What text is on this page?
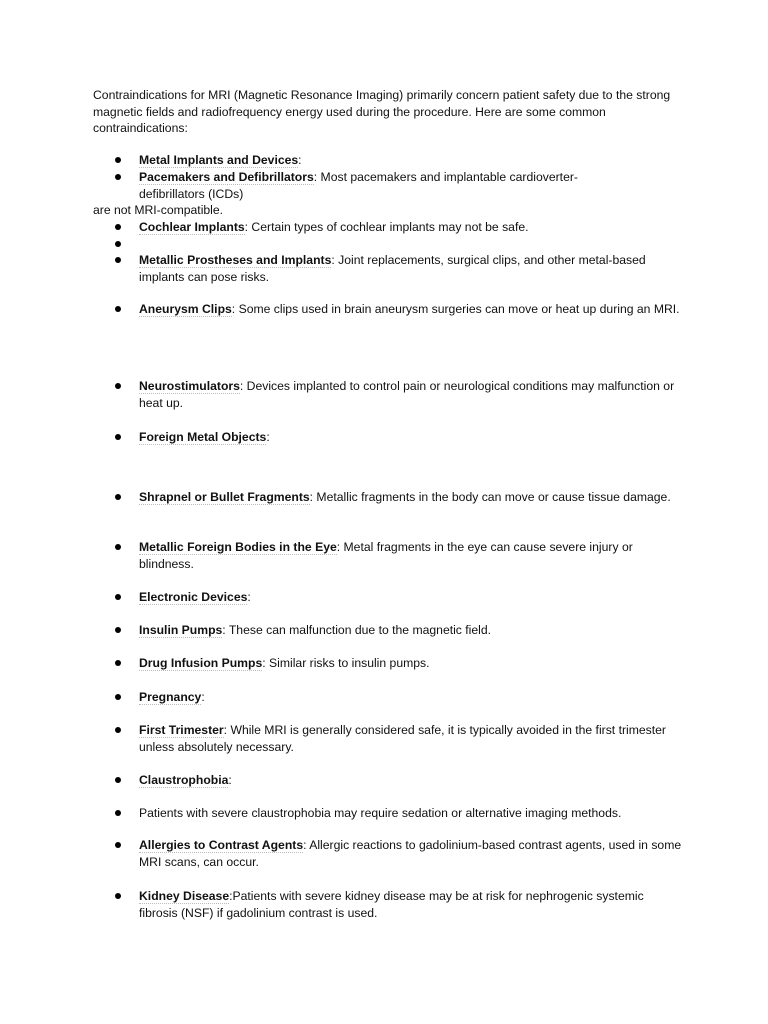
Contraindications for MRI (Magnetic Resonance Imaging) primarily concern patient safety due to the strong magnetic fields and radiofrequency energy used during the procedure. Here are some common contraindications:

Metal Implants and Devices:

Pacemakers and Defibrillators: Most pacemakers and implantable cardioverter-defibrillators (ICDs)

are not MRI-compatible.

Cochlear Implants: Certain types of cochlear implants may not be safe.

Metallic Prostheses and Implants: Joint replacements, surgical clips, and other metal-based implants can pose risks.

Aneurysm Clips: Some clips used in brain aneurysm surgeries can move or heat up during an MRI.

Neurostimulators: Devices implanted to control pain or neurological conditions may malfunction or heat up.

Foreign Metal Objects:

Shrapnel or Bullet Fragments: Metallic fragments in the body can move or cause tissue damage.

Metallic Foreign Bodies in the Eye: Metal fragments in the eye can cause severe injury or blindness.

Electronic Devices:

Insulin Pumps: These can malfunction due to the magnetic field.

Drug Infusion Pumps: Similar risks to insulin pumps.

Pregnancy:

First Trimester: While MRI is generally considered safe, it is typically avoided in the first trimester unless absolutely necessary.

Claustrophobia:

Patients with severe claustrophobia may require sedation or alternative imaging methods.

Allergies to Contrast Agents: Allergic reactions to gadolinium-based contrast agents, used in some MRI scans, can occur.

Kidney Disease:Patients with severe kidney disease may be at risk for nephrogenic systemic fibrosis (NSF) if gadolinium contrast is used.
